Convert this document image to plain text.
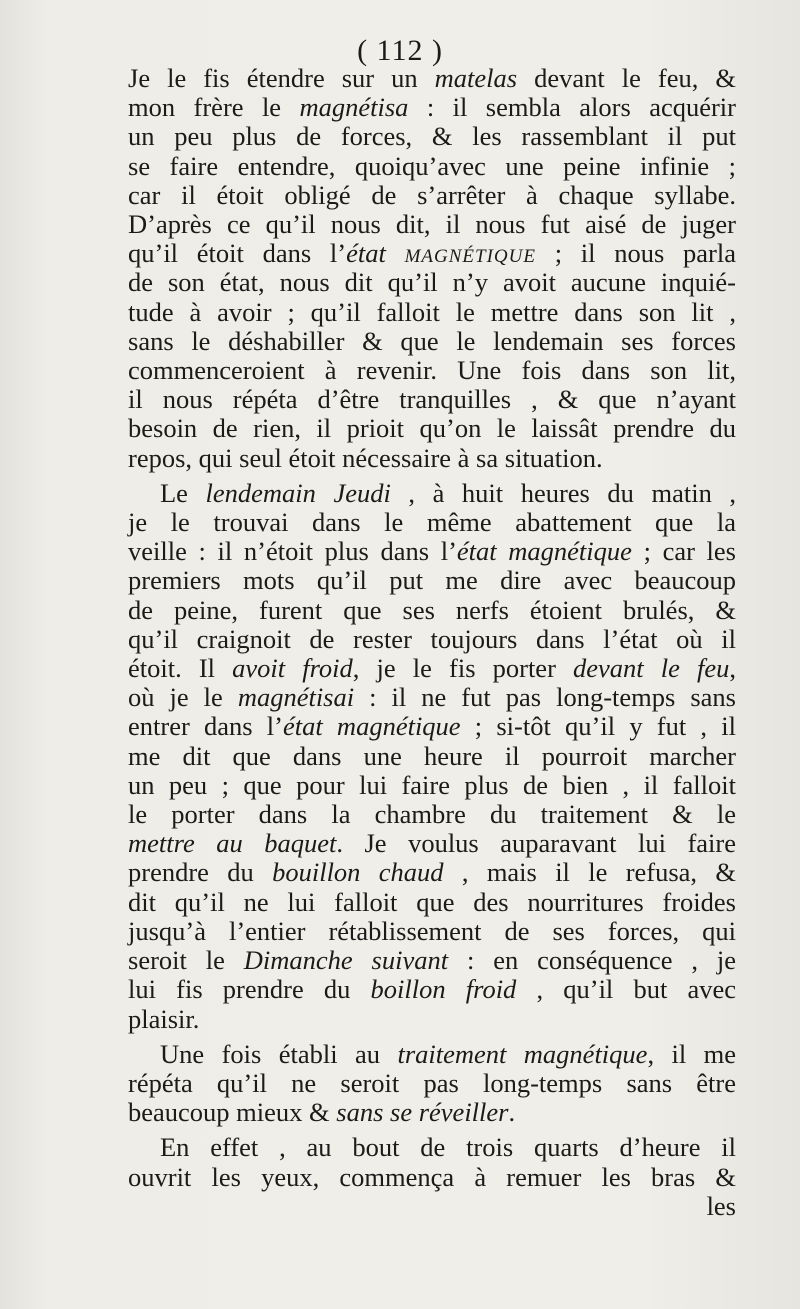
( 112 )
Je le fis étendre sur un matelas devant le feu, &
mon frère le magnétisa : il sembla alors acquérir
un peu plus de forces, & les rassemblant il put
se faire entendre, quoiqu’avec une peine infinie ;
car il étoit obligé de s’arrêter à chaque syllabe.
D’après ce qu’il nous dit, il nous fut aisé de juger
qu’il étoit dans l’état magnétique ; il nous parla
de son état, nous dit qu’il n’y avoit aucune inquié-
tude à avoir ; qu’il falloit le mettre dans son lit ,
sans le déshabiller & que le lendemain ses forces
commenceroient à revenir. Une fois dans son lit,
il nous répéta d’être tranquilles , & que n’ayant
besoin de rien, il prioit qu’on le laissât prendre du
repos, qui seul étoit nécessaire à sa situation.
Le lendemain Jeudi , à huit heures du matin ,
je le trouvai dans le même abattement que la
veille : il n’étoit plus dans l’état magnétique ; car les
premiers mots qu’il put me dire avec beaucoup
de peine, furent que ses nerfs étoient brulés, &
qu’il craignoit de rester toujours dans l’état où il
étoit. Il avoit froid, je le fis porter devant le feu,
où je le magnétisai : il ne fut pas long-temps sans
entrer dans l’état magnétique ; si-tôt qu’il y fut , il
me dit que dans une heure il pourroit marcher
un peu ; que pour lui faire plus de bien , il falloit
le porter dans la chambre du traitement & le
mettre au baquet. Je voulus auparavant lui faire
prendre du bouillon chaud , mais il le refusa, &
dit qu’il ne lui falloit que des nourritures froides
jusqu’à l’entier rétablissement de ses forces, qui
seroit le Dimanche suivant : en conséquence , je
lui fis prendre du boillon froid , qu’il but avec
plaisir.
Une fois établi au traitement magnétique, il me
répéta qu’il ne seroit pas long-temps sans être
beaucoup mieux & sans se réveiller.
En effet , au bout de trois quarts d’heure il
ouvrit les yeux, commença à remuer les bras &
les
